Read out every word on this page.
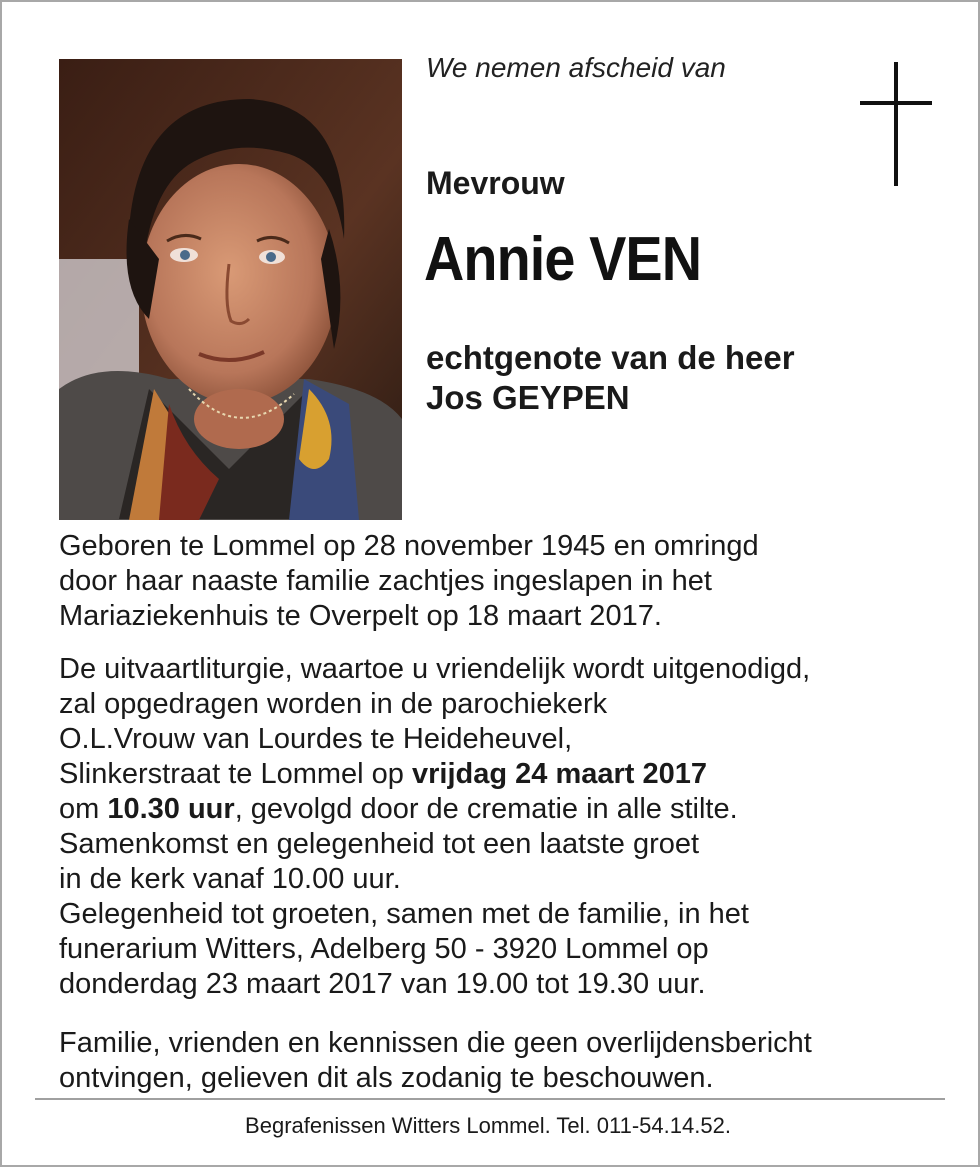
We nemen afscheid van
Mevrouw
Annie VEN
echtgenote van de heer
Jos GEYPEN
Geboren te Lommel op 28 november 1945 en omringd
door haar naaste familie zachtjes ingeslapen in het
Mariaziekenhuis te Overpelt op 18 maart 2017.
De uitvaartliturgie, waartoe u vriendelijk wordt uitgenodigd,
zal opgedragen worden in de parochiekerk
O.L.Vrouw van Lourdes te Heideheuvel,
Slinkerstraat te Lommel op vrijdag 24 maart 2017
om 10.30 uur, gevolgd door de crematie in alle stilte.
Samenkomst en gelegenheid tot een laatste groet
in de kerk vanaf 10.00 uur.
Gelegenheid tot groeten, samen met de familie, in het
funerarium Witters, Adelberg 50 - 3920 Lommel op
donderdag 23 maart 2017 van 19.00 tot 19.30 uur.
Familie, vrienden en kennissen die geen overlijdensbericht
ontvingen, gelieven dit als zodanig te beschouwen.
Begrafenissen Witters Lommel. Tel. 011-54.14.52.
